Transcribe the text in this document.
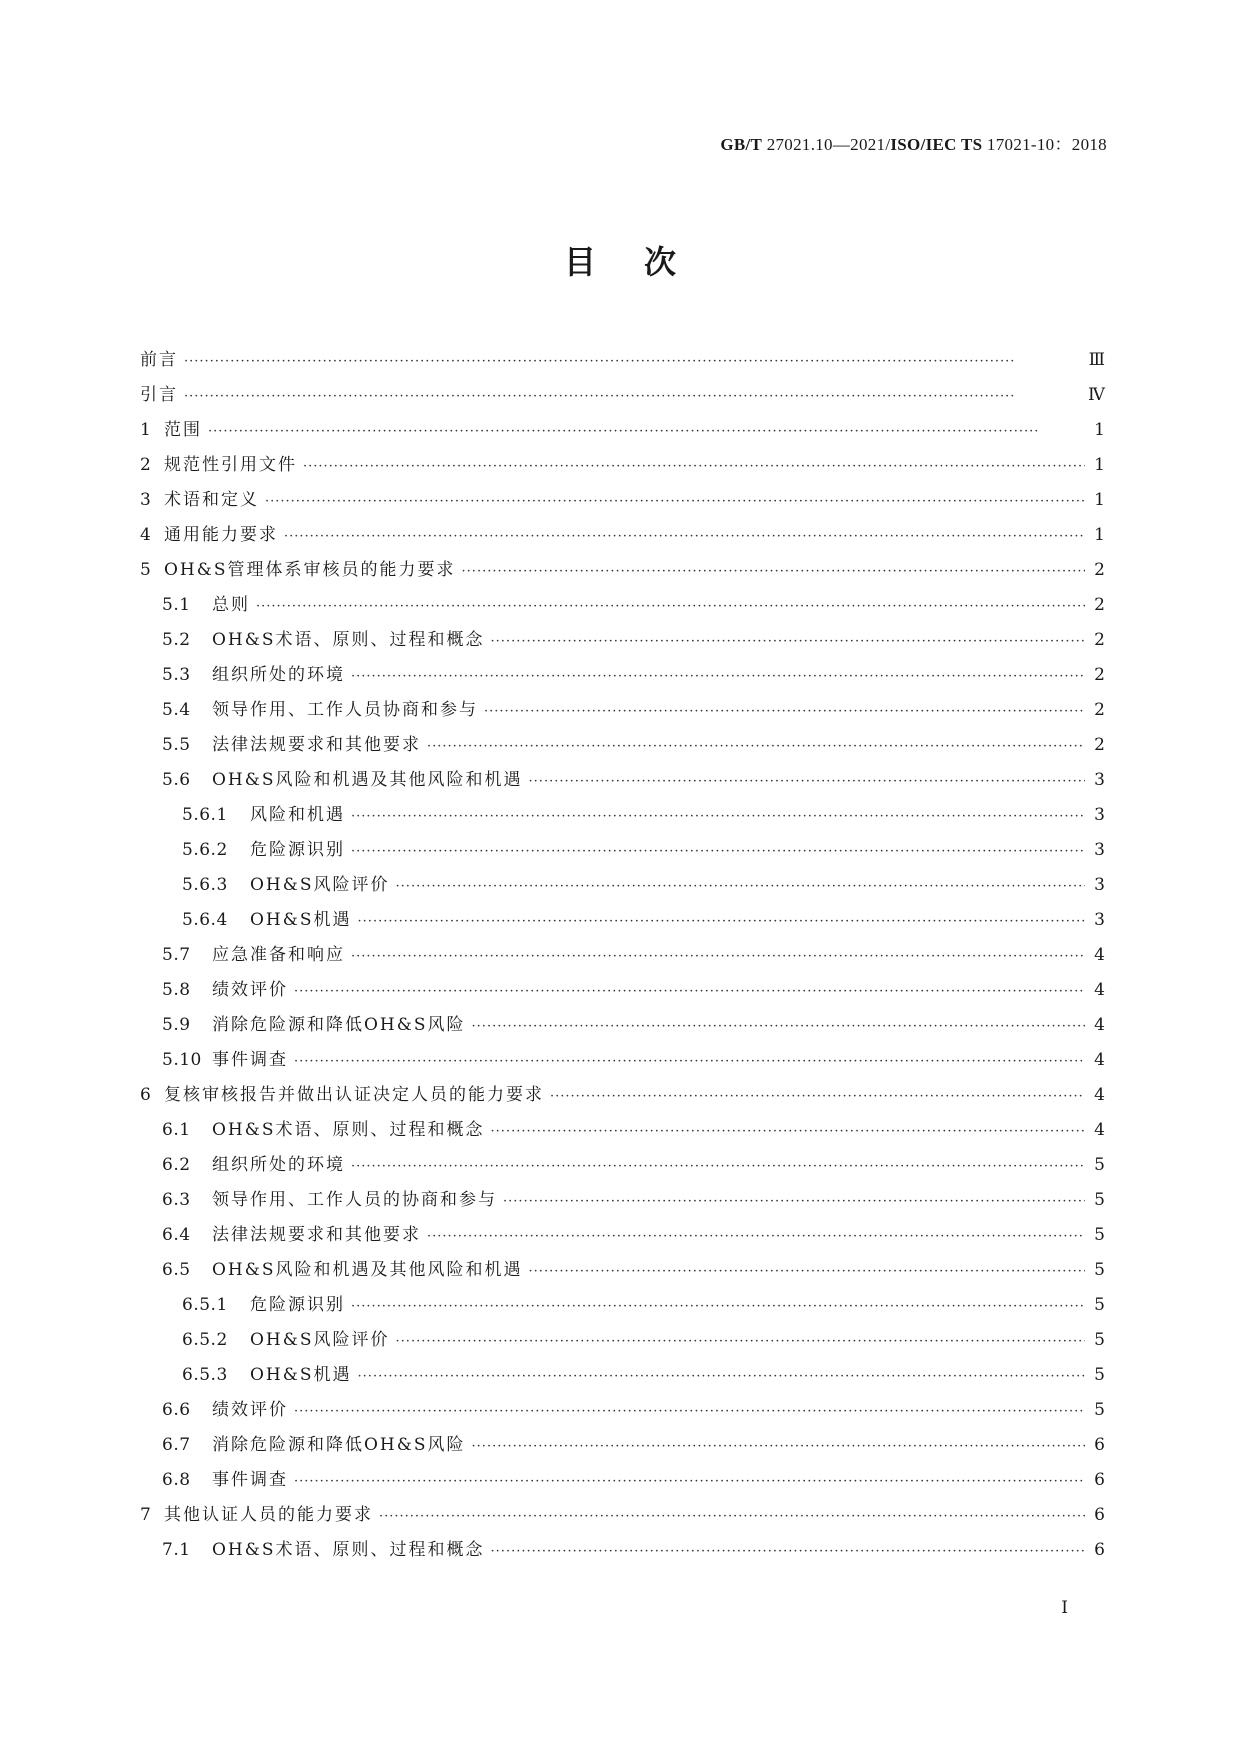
GB/T 27021.10—2021/ISO/IEC TS 17021-10：2018
目次
前言 ·····	Ⅲ
引言 ·····	Ⅳ
1 范围 ·····	1
2 规范性引用文件 ·····	1
3 术语和定义 ·····	1
4 通用能力要求 ·····	1
5 OH&S管理体系审核员的能力要求 ·····	2
5.1	总则 ·····	2
5.2	OH&S术语、原则、过程和概念 ·····	2
5.3	组织所处的环境 ·····	2
5.4	领导作用、工作人员协商和参与 ·····	2
5.5	法律法规要求和其他要求 ·····	2
5.6	OH&S风险和机遇及其他风险和机遇 ·····	3
5.6.1	风险和机遇 ·····	3
5.6.2	危险源识别 ·····	3
5.6.3	OH&S风险评价 ·····	3
5.6.4	OH&S机遇 ·····	3
5.7	应急准备和响应 ·····	4
5.8	绩效评价 ·····	4
5.9	消除危险源和降低OH&S风险 ·····	4
5.10 事件调查 ·····	4
6 复核审核报告并做出认证决定人员的能力要求 ·····	4
6.1	OH&S术语、原则、过程和概念 ·····	4
6.2	组织所处的环境 ·····	5
6.3	领导作用、工作人员的协商和参与 ·····	5
6.4	法律法规要求和其他要求 ·····	5
6.5	OH&S风险和机遇及其他风险和机遇 ·····	5
6.5.1	危险源识别 ·····	5
6.5.2	OH&S风险评价 ·····	5
6.5.3	OH&S机遇 ·····	5
6.6	绩效评价 ·····	5
6.7	消除危险源和降低OH&S风险 ·····	6
6.8	事件调查 ·····	6
7 其他认证人员的能力要求 ·····	6
7.1	OH&S术语、原则、过程和概念 ·····	6
Ⅰ
